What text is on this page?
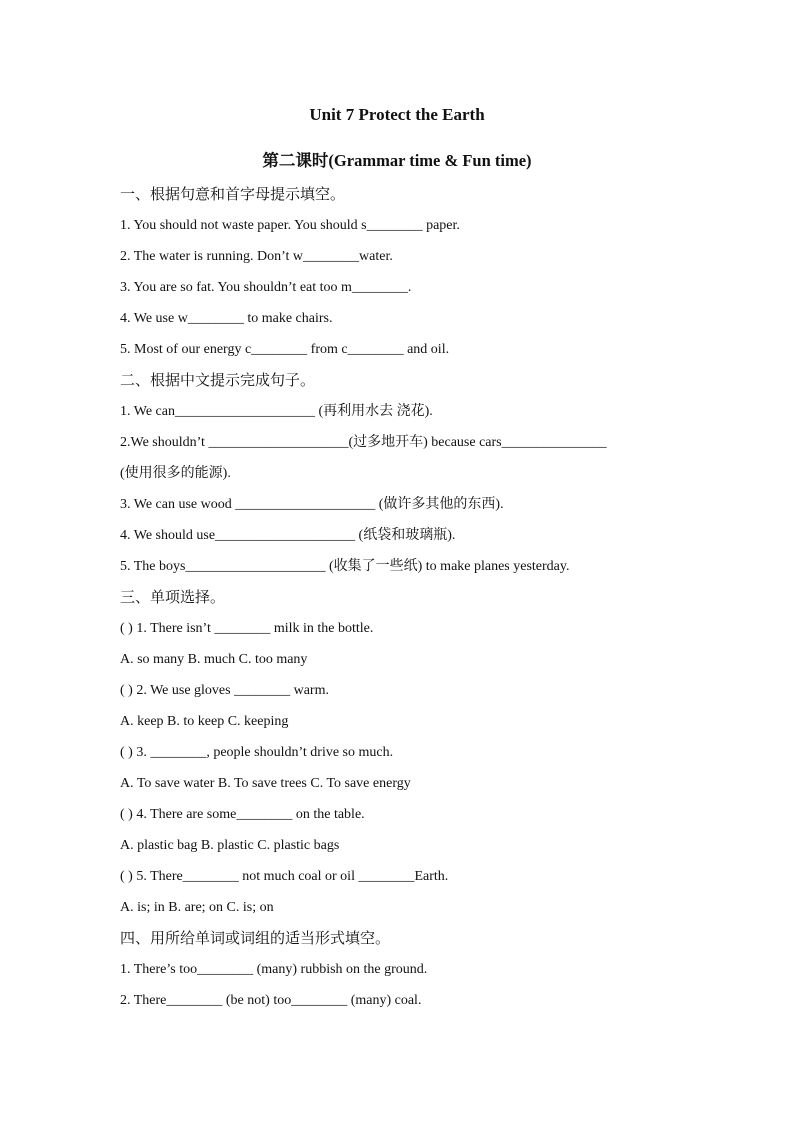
Unit 7 Protect the Earth
第二课时(Grammar time & Fun time)
一、根据句意和首字母提示填空。
1. You should not waste paper. You should s________ paper.
2. The water is running. Don’t w________water.
3. You are so fat. You shouldn’t eat too m________.
4. We use w________ to make chairs.
5. Most of our energy c________ from c________ and oil.
二、根据中文提示完成句子。
1. We can____________________ (再利用水去 浇花).
2.We shouldn’t ____________________(过多地开车) because cars_______________
(使用很多的能源).
3. We can use wood ____________________ (做许多其他的东西).
4. We should use____________________ (纸袋和玻璃瓶).
5. The boys____________________ (收集了一些纸) to make planes yesterday.
三、单项选择。
( ) 1. There isn’t ________ milk in the bottle.
A. so many B. much C. too many
( ) 2. We use gloves ________ warm.
A. keep B. to keep C. keeping
( ) 3. ________, people shouldn’t drive so much.
A. To save water B. To save trees C. To save energy
( ) 4. There are some________ on the table.
A. plastic bag B. plastic C. plastic bags
( ) 5. There________ not much coal or oil ________Earth.
A. is; in B. are; on C. is; on
四、用所给单词或词组的适当形式填空。
1. There’s too________ (many) rubbish on the ground.
2. There________ (be not) too________ (many) coal.
